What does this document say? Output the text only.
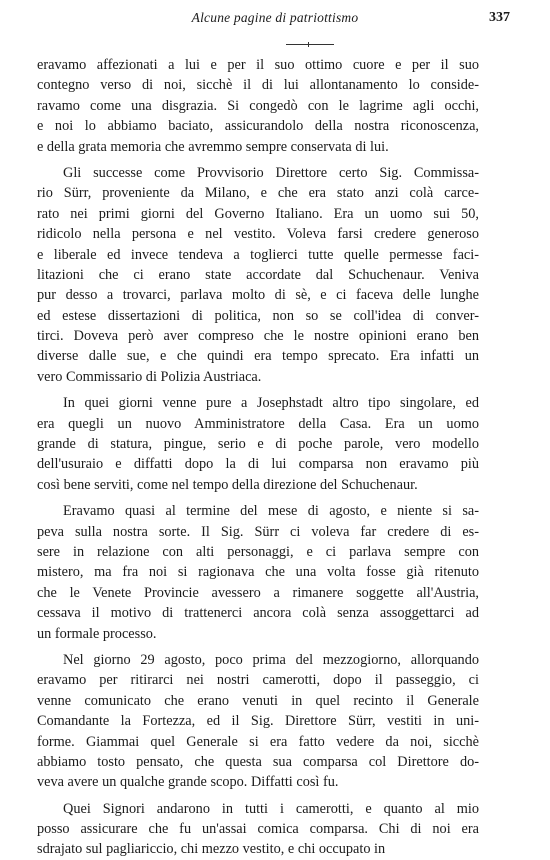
Alcune pagine di patriottismo	337
eravamo affezionati a lui e per il suo ottimo cuore e per il suo
contegno verso di noi, sicchè il di lui allontanamento lo conside-
ravamo come una disgrazia. Si congedò con le lagrime agli occhi,
e noi lo abbiamo baciato, assicurandolo della nostra riconoscenza,
e della grata memoria che avremmo sempre conservata di lui.
Gli successe come Provvisorio Direttore certo Sig. Commissa-
rio Sürr, proveniente da Milano, e che era stato anzi colà carce-
rato nei primi giorni del Governo Italiano. Era un uomo sui 50,
ridicolo nella persona e nel vestito. Voleva farsi credere generoso
e liberale ed invece tendeva a toglierci tutte quelle permesse faci-
litazioni che ci erano state accordate dal Schuchenaur. Veniva
pur desso a trovarci, parlava molto di sè, e ci faceva delle lunghe
ed estese dissertazioni di politica, non so se coll'idea di conver-
tirci. Doveva però aver compreso che le nostre opinioni erano ben
diverse dalle sue, e che quindi era tempo sprecato. Era infatti un
vero Commissario di Polizia Austriaca.
In quei giorni venne pure a Josephstadt altro tipo singolare, ed
era quegli un nuovo Amministratore della Casa. Era un uomo
grande di statura, pingue, serio e di poche parole, vero modello
dell'usuraio e diffatti dopo la di lui comparsa non eravamo più
così bene serviti, come nel tempo della direzione del Schuchenaur.
Eravamo quasi al termine del mese di agosto, e niente si sa-
peva sulla nostra sorte. Il Sig. Sürr ci voleva far credere di es-
sere in relazione con alti personaggi, e ci parlava sempre con
mistero, ma fra noi si ragionava che una volta fosse già ritenuto
che le Venete Provincie avessero a rimanere soggette all'Austria,
cessava il motivo di trattenerci ancora colà senza assoggettarci ad
un formale processo.
Nel giorno 29 agosto, poco prima del mezzogiorno, allorquando
eravamo per ritirarci nei nostri camerotti, dopo il passeggio, ci
venne comunicato che erano venuti in quel recinto il Generale
Comandante la Fortezza, ed il Sig. Direttore Sürr, vestiti in uni-
forme. Giammai quel Generale si era fatto vedere da noi, sicchè
abbiamo tosto pensato, che questa sua comparsa col Direttore do-
veva avere un qualche grande scopo. Diffatti così fu.
Quei Signori andarono in tutti i camerotti, e quanto al mio
posso assicurare che fu un'assai comica comparsa. Chi di noi era
sdrajato sul pagliariccio, chi mezzo vestito, e chi occupato in
